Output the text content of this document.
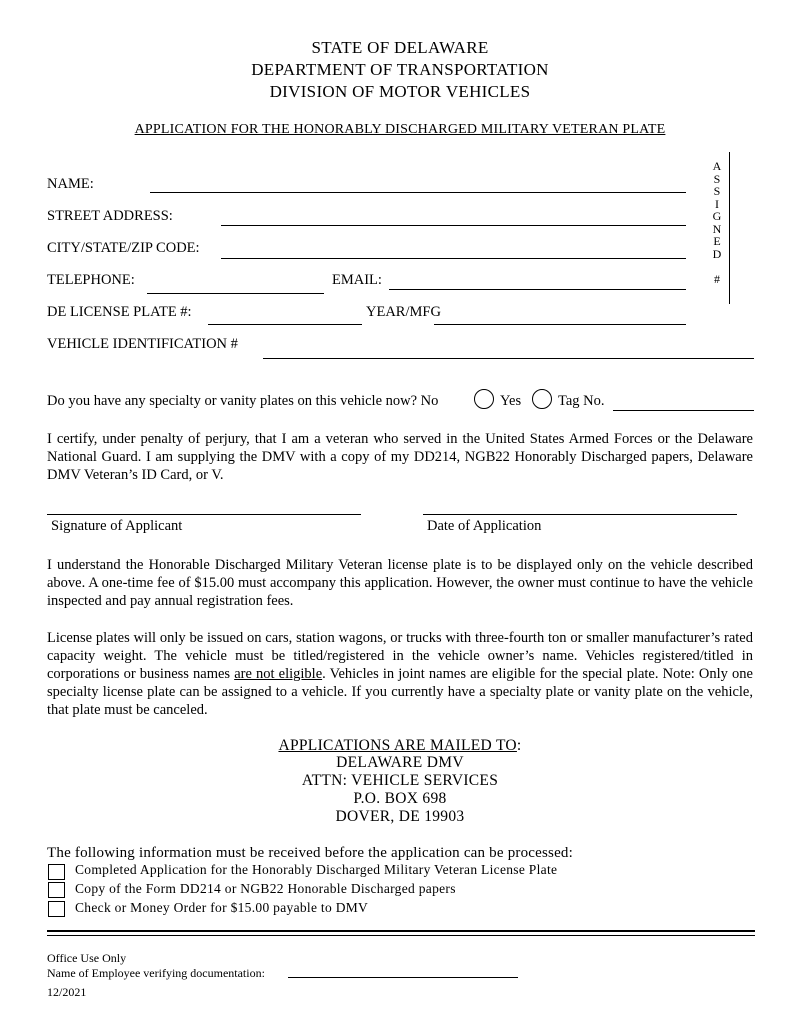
STATE OF DELAWARE
DEPARTMENT OF TRANSPORTATION
DIVISION OF MOTOR VEHICLES
APPLICATION FOR THE HONORABLY DISCHARGED MILITARY VETERAN PLATE
A
S
S
I
G
N
E
D
#
NAME:
STREET ADDRESS:
CITY/STATE/ZIP CODE:
TELEPHONE:	EMAIL:
DE LICENSE PLATE #:	YEAR/MFG
VEHICLE IDENTIFICATION #
Do you have any specialty or vanity plates on this vehicle now? No	Yes	Tag No.
I certify, under penalty of perjury, that I am a veteran who served in the United States Armed Forces or the Delaware National Guard. I am supplying the DMV with a copy of my DD214, NGB22 Honorably Discharged papers, Delaware DMV Veteran’s ID Card, or V.
Signature of Applicant	Date of Application
I understand the Honorable Discharged Military Veteran license plate is to be displayed only on the vehicle described above. A one-time fee of $15.00 must accompany this application. However, the owner must continue to have the vehicle inspected and pay annual registration fees.
License plates will only be issued on cars, station wagons, or trucks with three-fourth ton or smaller manufacturer’s rated capacity weight. The vehicle must be titled/registered in the vehicle owner’s name. Vehicles registered/titled in corporations or business names are not eligible. Vehicles in joint names are eligible for the special plate. Note: Only one specialty license plate can be assigned to a vehicle. If you currently have a specialty plate or vanity plate on the vehicle, that plate must be canceled.
APPLICATIONS ARE MAILED TO:
DELAWARE DMV
ATTN: VEHICLE SERVICES
P.O. BOX 698
DOVER, DE 19903
The following information must be received before the application can be processed:
Completed Application for the Honorably Discharged Military Veteran License Plate
Copy of the Form DD214 or NGB22 Honorable Discharged papers
Check or Money Order for $15.00 payable to DMV
Office Use Only
Name of Employee verifying documentation:
12/2021
